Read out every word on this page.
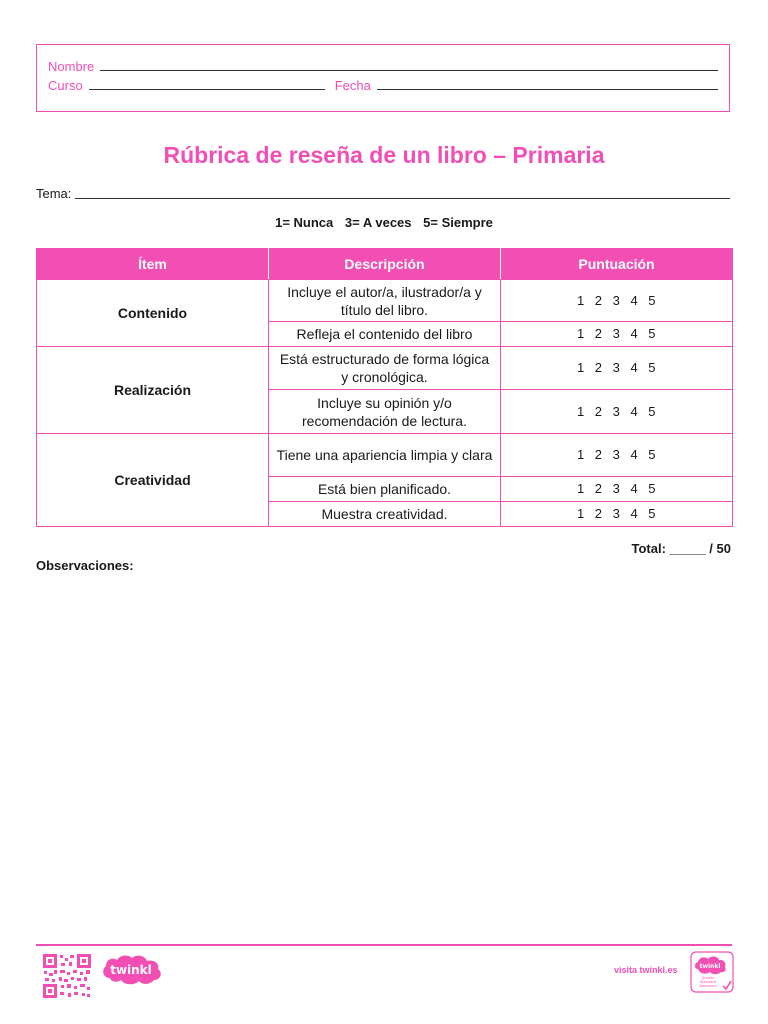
Nombre
Curso	Fecha
Rúbrica de reseña de un libro – Primaria
Tema:
1= Nunca 3= A veces 5= Siempre
Ítem	Descripción	Puntuación
Contenido	Incluye el autor/a, ilustrador/a y título del libro.	1 2 3 4 5
	Refleja el contenido del libro	1 2 3 4 5
Realización	Está estructurado de forma lógica y cronológica.	1 2 3 4 5
	Incluye su opinión y/o recomendación de lectura.	1 2 3 4 5
Creatividad	Tiene una apariencia limpia y clara	1 2 3 4 5
	Está bien planificado.	1 2 3 4 5
	Muestra creatividad.	1 2 3 4 5
Total: _____ / 50
Observaciones:
twinkl	visita twinkl.es	twinkl
Quality Standard Approved
